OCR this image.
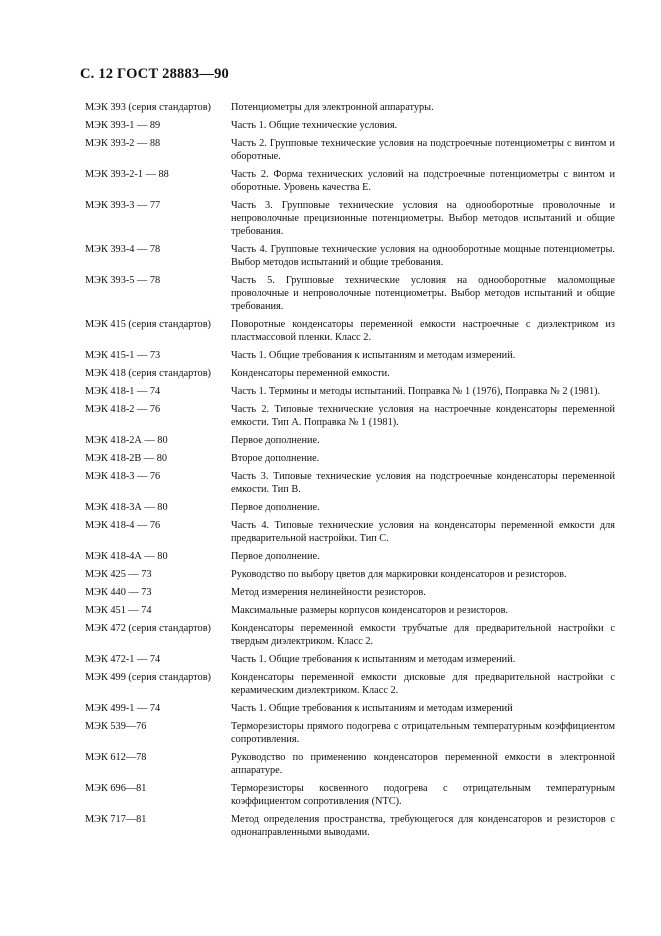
С. 12 ГОСТ 28883—90
МЭК 393 (серия стандартов)	Потенциометры для электронной аппаратуры.
МЭК 393-1 — 89	Часть 1. Общие технические условия.
МЭК 393-2 — 88	Часть 2. Групповые технические условия на подстроечные потенциометры с винтом и оборотные.
МЭК 393-2-1 — 88	Часть 2. Форма технических условий на подстроечные потенциометры с винтом и оборотные. Уровень качества Е.
МЭК 393-3 — 77	Часть 3. Групповые технические условия на однооборотные проволочные и непроволочные прецизионные потенциометры. Выбор методов испытаний и общие требования.
МЭК 393-4 — 78	Часть 4. Групповые технические условия на однооборотные мощные потенциометры. Выбор методов испытаний и общие требования.
МЭК 393-5 — 78	Часть 5. Групповые технические условия на однооборотные маломощные проволочные и непроволочные потенциометры. Выбор методов испытаний и общие требования.
МЭК 415 (серия стандартов)	Поворотные конденсаторы переменной емкости настроечные с диэлектриком из пластмассовой пленки. Класс 2.
МЭК 415-1 — 73	Часть 1. Общие требования к испытаниям и методам измерений.
МЭК 418 (серия стандартов)	Конденсаторы переменной емкости.
МЭК 418-1 — 74	Часть 1. Термины и методы испытаний. Поправка № 1 (1976), Поправка № 2 (1981).
МЭК 418-2 — 76	Часть 2. Типовые технические условия на настроечные конденсаторы переменной емкости. Тип А. Поправка № 1 (1981).
МЭК 418-2А — 80	Первое дополнение.
МЭК 418-2В — 80	Второе дополнение.
МЭК 418-3 — 76	Часть 3. Типовые технические условия на подстроечные конденсаторы переменной емкости. Тип В.
МЭК 418-3А — 80	Первое дополнение.
МЭК 418-4 — 76	Часть 4. Типовые технические условия на конденсаторы переменной емкости для предварительной настройки. Тип С.
МЭК 418-4А — 80	Первое дополнение.
МЭК 425 — 73	Руководство по выбору цветов для маркировки конденсаторов и резисторов.
МЭК 440 — 73	Метод измерения нелинейности резисторов.
МЭК 451 — 74	Максимальные размеры корпусов конденсаторов и резисторов.
МЭК 472 (серия стандартов)	Конденсаторы переменной емкости трубчатые для предварительной настройки с твердым диэлектриком. Класс 2.
МЭК 472-1 — 74	Часть 1. Общие требования к испытаниям и методам измерений.
МЭК 499 (серия стандартов)	Конденсаторы переменной емкости дисковые для предварительной настройки с керамическим диэлектриком. Класс 2.
МЭК 499-1 — 74	Часть 1. Общие требования к испытаниям и методам измерений
МЭК 539—76	Терморезисторы прямого подогрева с отрицательным температурным коэффициентом сопротивления.
МЭК 612—78	Руководство по применению конденсаторов переменной емкости в электронной аппаратуре.
МЭК 696—81	Терморезисторы косвенного подогрева с отрицательным температурным коэффициентом сопротивления (NTC).
МЭК 717—81	Метод определения пространства, требующегося для конденсаторов и резисторов с однонаправленными выводами.
